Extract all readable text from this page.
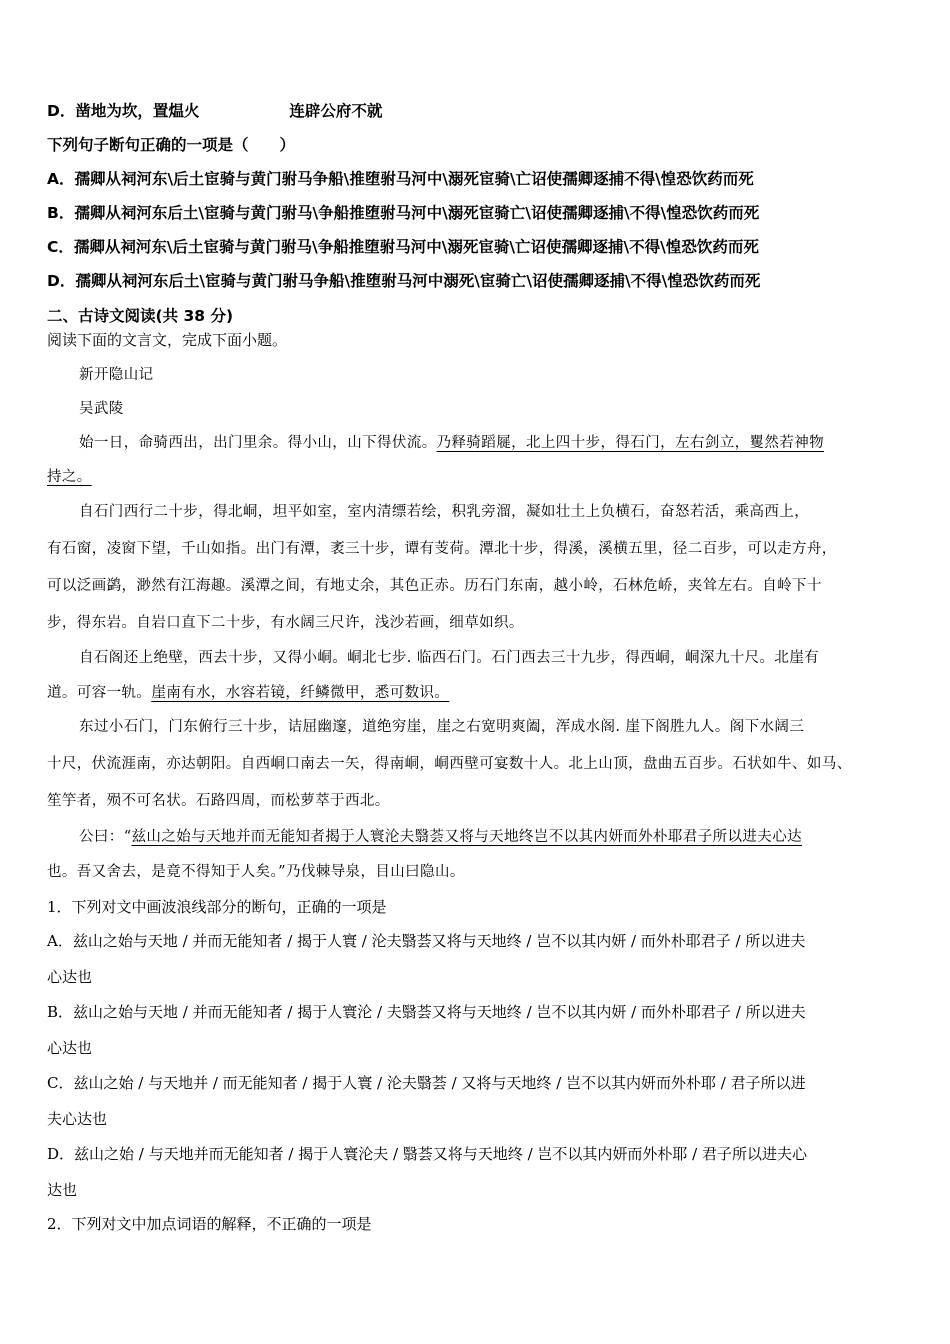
D．凿地为坎，置煴火	连辟公府不就
下列句子断句正确的一项是（　　）
A．孺卿从祠河东\后土宦骑与黄门驸马争船\推堕驸马河中\溺死宦骑\亡诏使孺卿逐捕不得\惶恐饮药而死
B．孺卿从祠河东后土\宦骑与黄门驸马\争船推堕驸马河中\溺死宦骑亡\诏使孺卿逐捕\不得\惶恐饮药而死
C．孺卿从祠河东\后土宦骑与黄门驸马\争船推堕驸马河中\溺死宦骑\亡诏使孺卿逐捕\不得\惶恐饮药而死
D．孺卿从祠河东后土\宦骑与黄门驸马争船\推堕驸马河中溺死\宦骑亡\诏使孺卿逐捕\不得\惶恐饮药而死
二、古诗文阅读(共 38 分)
阅读下面的文言文，完成下面小题。
新开隐山记
吴武陵
始一日，命骑西出，出门里余。得小山，山下得伏流。乃释骑蹈屣，北上四十步，得石门，左右剑立，矍然若神物
持之。
自石门西行二十步，得北峒，坦平如室，室内清缥若绘，积乳旁溜，凝如壮土上负横石，奋怒若活，乘高西上，
有石窗，凌窗下望，千山如指。出门有潭，袤三十步，谭有芰荷。潭北十步，得溪，溪横五里，径二百步，可以走方舟，
可以泛画鹢，渺然有江海趣。溪潭之间，有地丈余，其色正赤。历石门东南，越小岭，石林危峤，夹耸左右。自岭下十
步，得东岩。自岩口直下二十步，有水阔三尺许，浅沙若画，细草如织。
自石阁还上绝壁，西去十步，又得小峒。峒北七步. 临西石门。石门西去三十九步，得西峒，峒深九十尺。北崖有
道。可容一轨。崖南有水，水容若镜，纤鳞微甲，悉可数识。
东过小石门，门东俯行三十步，诘屈幽邃，道绝穷崖，崖之右宽明爽阖，浑成水阁. 崖下阁胜九人。阁下水阔三
十尺，伏流涯南，亦达朝阳。自西峒口南去一矢，得南峒，峒西壁可宴数十人。北上山顶，盘曲五百步。石状如牛、如马、
笙竽者，殒不可名状。石路四周，而松萝萃于西北。
公曰：“兹山之始与天地并而无能知者揭于人寰沦夫翳荟又将与天地终岂不以其内妍而外朴耶君子所以进夫心达
也。吾又舍去，是竟不得知于人矣。”乃伐棘导泉，目山曰隐山。
1．下列对文中画波浪线部分的断句，正确的一项是
A．兹山之始与天地 / 并而无能知者 / 揭于人寰 / 沦夫翳荟又将与天地终 / 岂不以其内妍 / 而外朴耶君子 / 所以进夫
心达也
B．兹山之始与天地 / 并而无能知者 / 揭于人寰沦 / 夫翳荟又将与天地终 / 岂不以其内妍 / 而外朴耶君子 / 所以进夫
心达也
C．兹山之始 / 与天地并 / 而无能知者 / 揭于人寰 / 沦夫翳荟 / 又将与天地终 / 岂不以其内妍而外朴耶 / 君子所以进
夫心达也
D．兹山之始 / 与天地并而无能知者 / 揭于人寰沦夫 / 翳荟又将与天地终 / 岂不以其内妍而外朴耶 / 君子所以进夫心
达也
2．下列对文中加点词语的解释，不正确的一项是
